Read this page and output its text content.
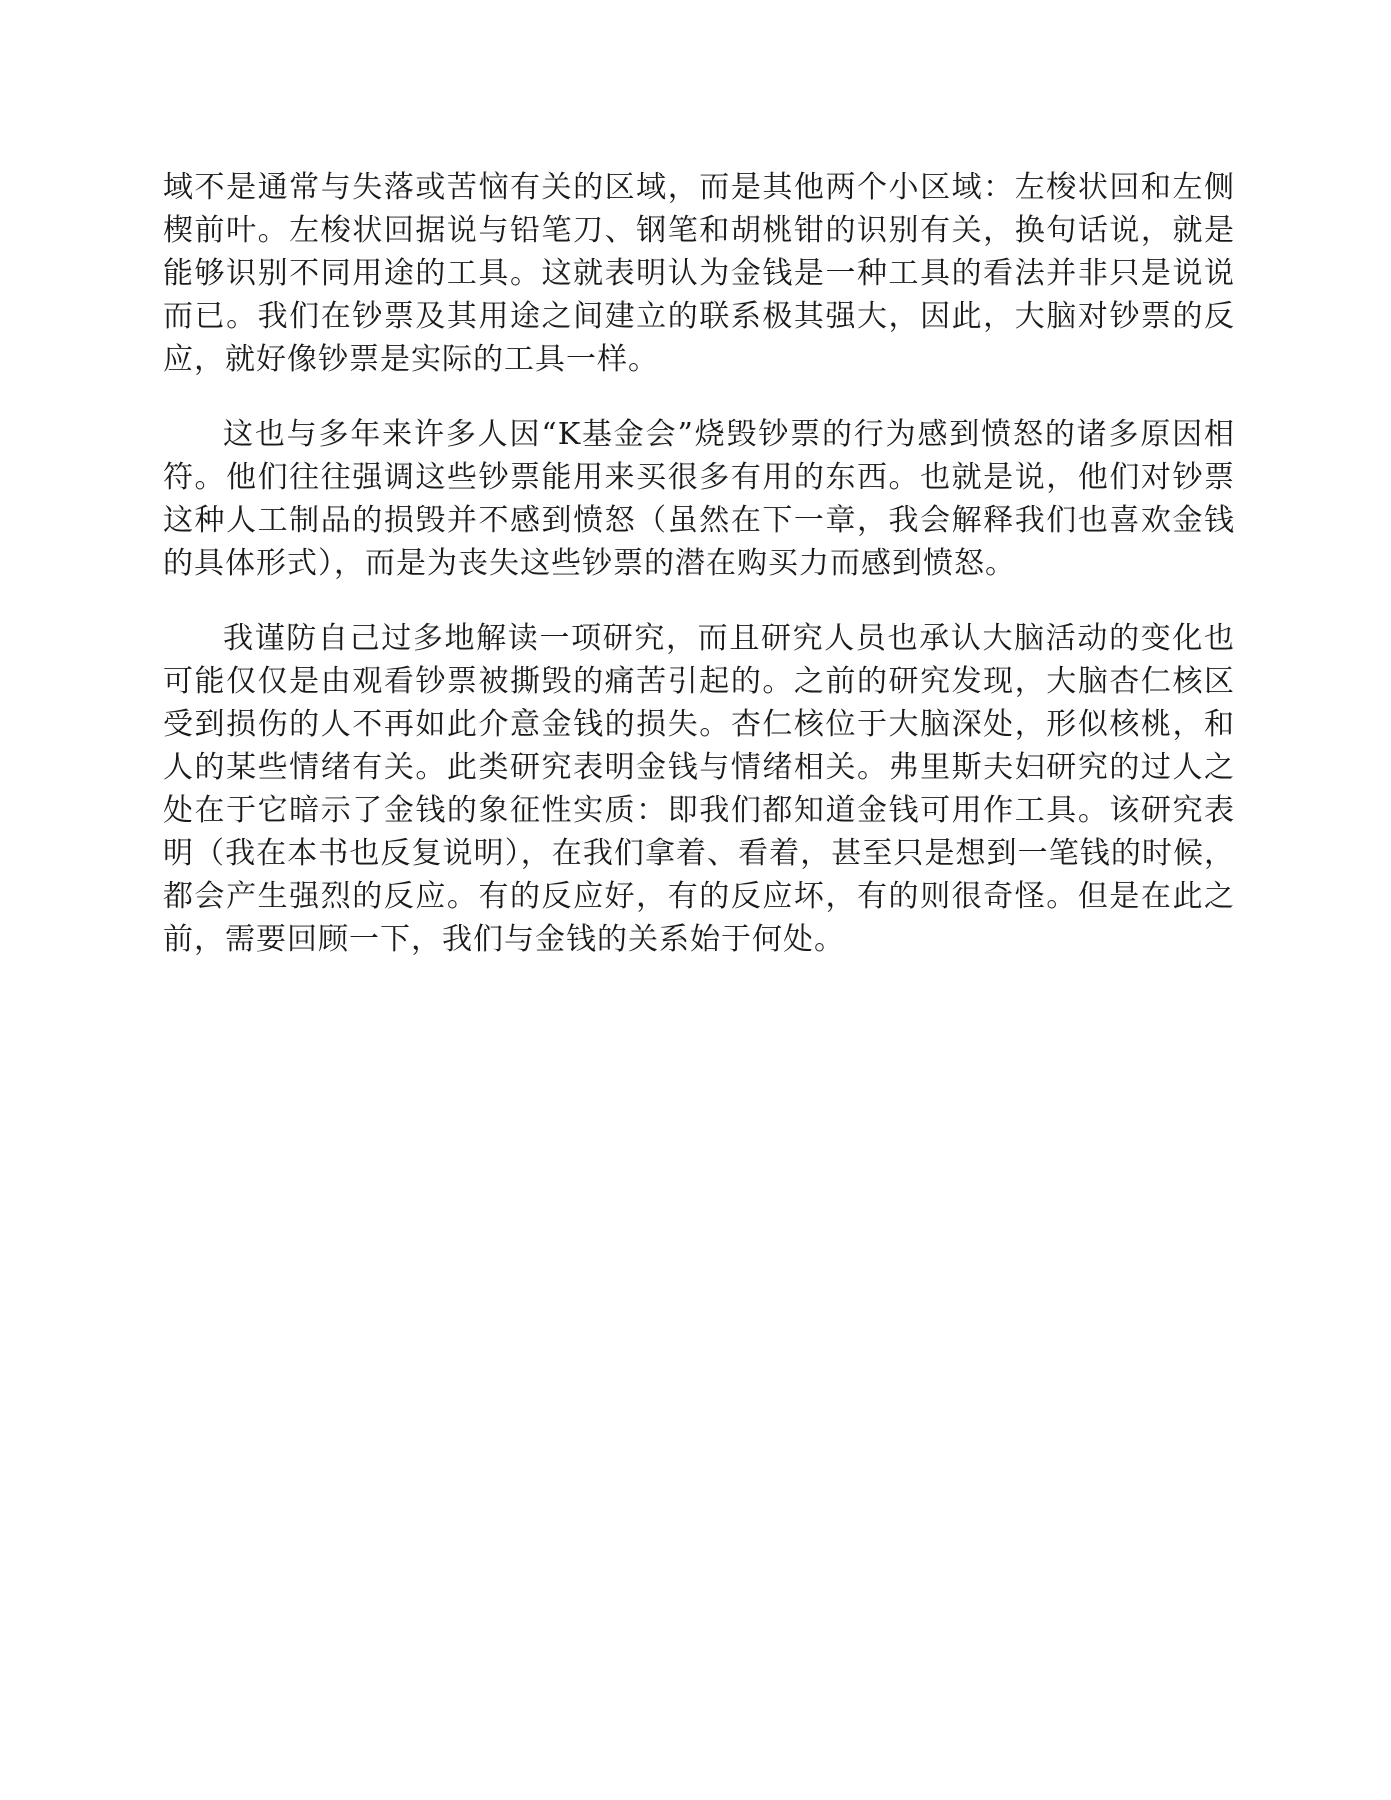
域不是通常与失落或苦恼有关的区域，而是其他两个小区域：左梭状回和左侧楔前叶。左梭状回据说与铅笔刀、钢笔和胡桃钳的识别有关，换句话说，就是能够识别不同用途的工具。这就表明认为金钱是一种工具的看法并非只是说说而已。我们在钞票及其用途之间建立的联系极其强大，因此，大脑对钞票的反应，就好像钞票是实际的工具一样。

这也与多年来许多人因“K基金会”烧毁钞票的行为感到愤怒的诸多原因相符。他们往往强调这些钞票能用来买很多有用的东西。也就是说，他们对钞票这种人工制品的损毁并不感到愤怒（虽然在下一章，我会解释我们也喜欢金钱的具体形式），而是为丧失这些钞票的潜在购买力而感到愤怒。

我谨防自己过多地解读一项研究，而且研究人员也承认大脑活动的变化也可能仅仅是由观看钞票被撕毁的痛苦引起的。之前的研究发现，大脑杏仁核区受到损伤的人不再如此介意金钱的损失。杏仁核位于大脑深处，形似核桃，和人的某些情绪有关。此类研究表明金钱与情绪相关。弗里斯夫妇研究的过人之处在于它暗示了金钱的象征性实质：即我们都知道金钱可用作工具。该研究表明（我在本书也反复说明），在我们拿着、看着，甚至只是想到一笔钱的时候，都会产生强烈的反应。有的反应好，有的反应坏，有的则很奇怪。但是在此之前，需要回顾一下，我们与金钱的关系始于何处。
